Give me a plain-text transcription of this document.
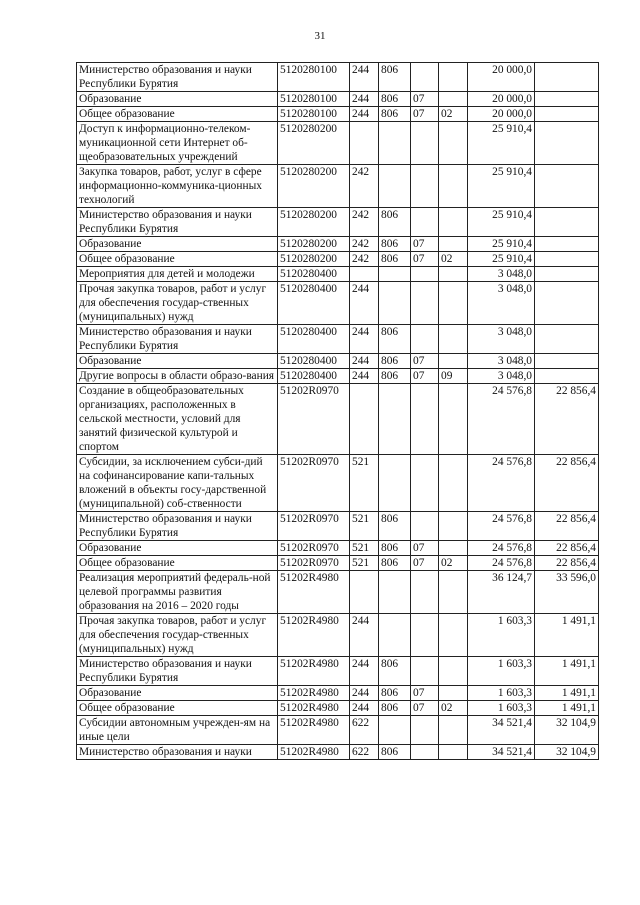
31
Министерство образования и науки Республики Бурятия	5120280100	244	806			20 000,0	
Образование	5120280100	244	806	07		20 000,0	
Общее образование	5120280100	244	806	07	02	20 000,0	
Доступ к информационно-телеком-муникационной сети Интернет об-щеобразовательных учреждений	5120280200					25 910,4	
Закупка товаров, работ, услуг в сфере информационно-коммуника-ционных технологий	5120280200	242				25 910,4	
Министерство образования и науки Республики Бурятия	5120280200	242	806			25 910,4	
Образование	5120280200	242	806	07		25 910,4	
Общее образование	5120280200	242	806	07	02	25 910,4	
Мероприятия для детей и молодежи	5120280400					3 048,0	
Прочая закупка товаров, работ и услуг для обеспечения государ-ственных (муниципальных) нужд	5120280400	244				3 048,0	
Министерство образования и науки Республики Бурятия	5120280400	244	806			3 048,0	
Образование	5120280400	244	806	07		3 048,0	
Другие вопросы в области образо-вания	5120280400	244	806	07	09	3 048,0	
Создание в общеобразовательных организациях, расположенных в сельской местности, условий для занятий физической культурой и спортом	51202R0970					24 576,8	22 856,4
Субсидии, за исключением субси-дий на софинансирование капи-тальных вложений в объекты госу-дарственной (муниципальной) соб-ственности	51202R0970	521				24 576,8	22 856,4
Министерство образования и науки Республики Бурятия	51202R0970	521	806			24 576,8	22 856,4
Образование	51202R0970	521	806	07		24 576,8	22 856,4
Общее образование	51202R0970	521	806	07	02	24 576,8	22 856,4
Реализация мероприятий федераль-ной целевой программы развития образования на 2016 – 2020 годы	51202R4980					36 124,7	33 596,0
Прочая закупка товаров, работ и услуг для обеспечения государ-ственных (муниципальных) нужд	51202R4980	244				1 603,3	1 491,1
Министерство образования и науки Республики Бурятия	51202R4980	244	806			1 603,3	1 491,1
Образование	51202R4980	244	806	07		1 603,3	1 491,1
Общее образование	51202R4980	244	806	07	02	1 603,3	1 491,1
Субсидии автономным учрежден-ям на иные цели	51202R4980	622				34 521,4	32 104,9
Министерство образования и науки	51202R4980	622	806			34 521,4	32 104,9
